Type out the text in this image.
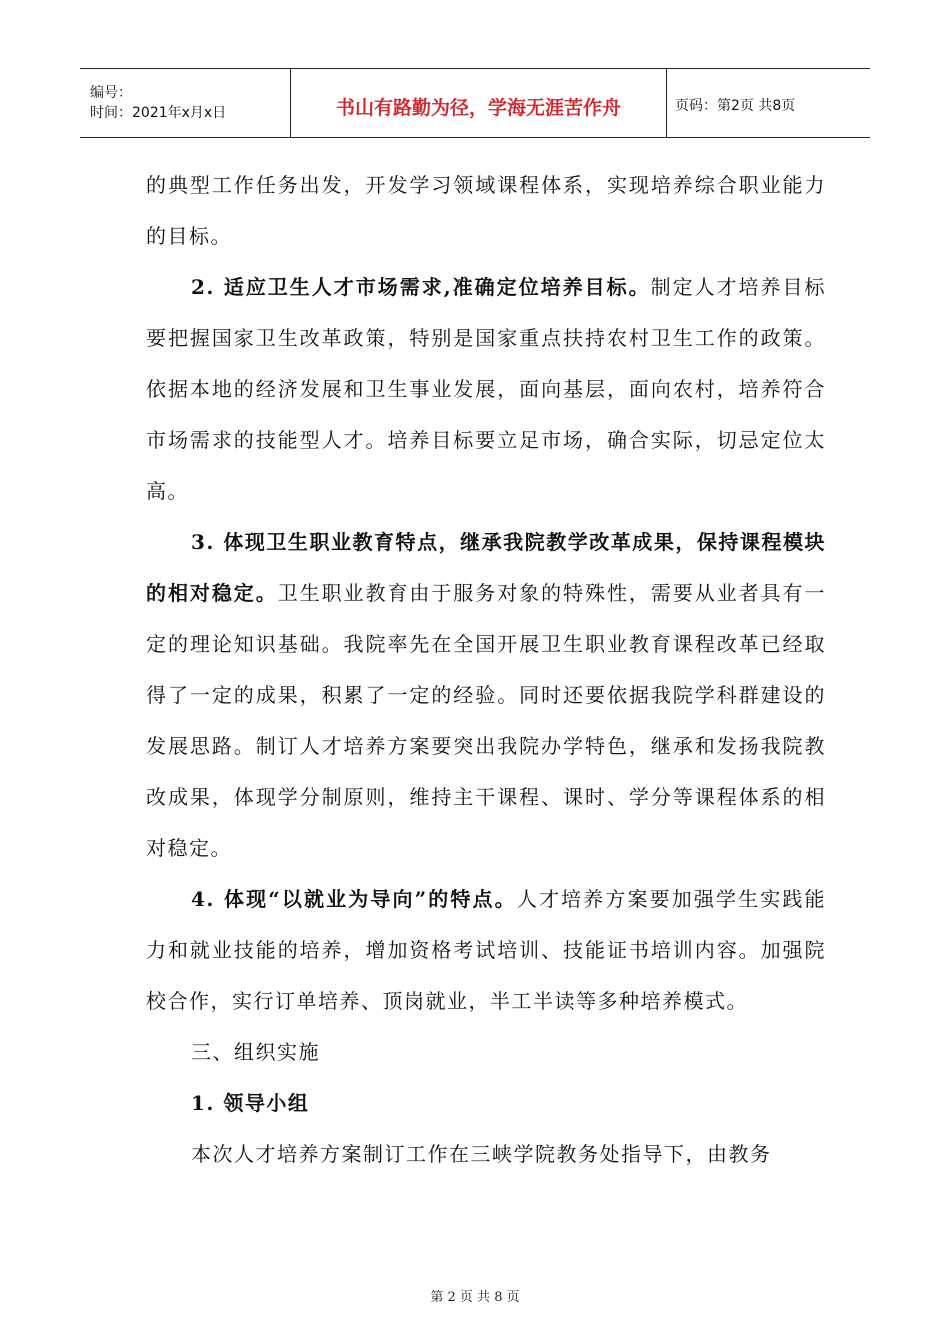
编号：
时间：2021年x月x日	书山有路勤为径，学海无涯苦作舟	页码：第2页 共8页

的典型工作任务出发，开发学习领域课程体系，实现培养综合职业能力的目标。

2. 适应卫生人才市场需求,准确定位培养目标。制定人才培养目标要把握国家卫生改革政策，特别是国家重点扶持农村卫生工作的政策。依据本地的经济发展和卫生事业发展，面向基层，面向农村，培养符合市场需求的技能型人才。培养目标要立足市场，确合实际，切忌定位太高。

3. 体现卫生职业教育特点，继承我院教学改革成果，保持课程模块的相对稳定。卫生职业教育由于服务对象的特殊性，需要从业者具有一定的理论知识基础。我院率先在全国开展卫生职业教育课程改革已经取得了一定的成果，积累了一定的经验。同时还要依据我院学科群建设的发展思路。制订人才培养方案要突出我院办学特色，继承和发扬我院教改成果，体现学分制原则，维持主干课程、课时、学分等课程体系的相对稳定。

4. 体现“以就业为导向”的特点。人才培养方案要加强学生实践能力和就业技能的培养，增加资格考试培训、技能证书培训内容。加强院校合作，实行订单培养、顶岗就业，半工半读等多种培养模式。

三、组织实施

1. 领导小组

本次人才培养方案制订工作在三峡学院教务处指导下，由教务

第 2 页 共 8 页
